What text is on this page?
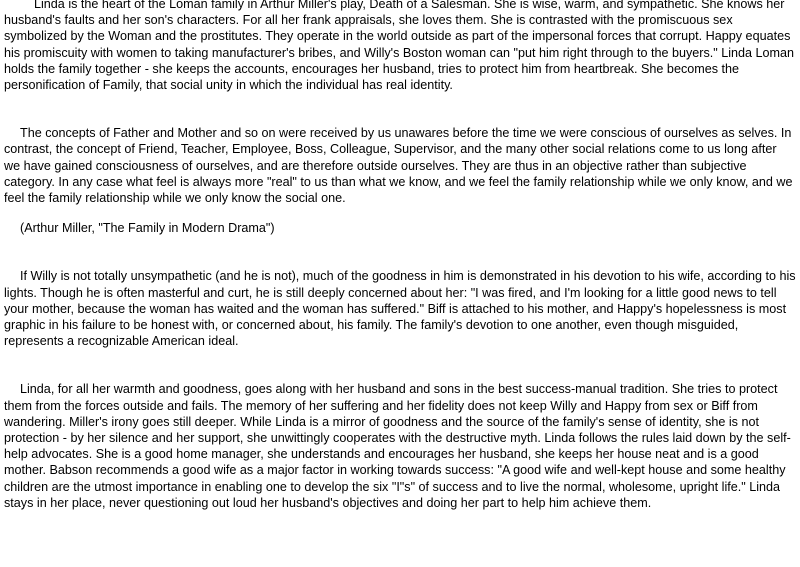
Linda is the heart of the Loman family in Arthur Miller's play, Death of a Salesman. She is wise, warm, and sympathetic. She knows her husband's faults and her son's characters. For all her frank appraisals, she loves them. She is contrasted with the promiscuous sex symbolized by the Woman and the prostitutes. They operate in the world outside as part of the impersonal forces that corrupt. Happy equates his promiscuity with women to taking manufacturer's bribes, and Willy's Boston woman can "put him right through to the buyers." Linda Loman holds the family together - she keeps the accounts, encourages her husband, tries to protect him from heartbreak. She becomes the personification of Family, that social unity in which the individual has real identity.

The concepts of Father and Mother and so on were received by us unawares before the time we were conscious of ourselves as selves. In contrast, the concept of Friend, Teacher, Employee, Boss, Colleague, Supervisor, and the many other social relations come to us long after we have gained consciousness of ourselves, and are therefore outside ourselves. They are thus in an objective rather than subjective category. In any case what feel is always more "real" to us than what we know, and we feel the family relationship while we only know, and we feel the family relationship while we only know the social one.

(Arthur Miller, "The Family in Modern Drama")

If Willy is not totally unsympathetic (and he is not), much of the goodness in him is demonstrated in his devotion to his wife, according to his lights. Though he is often masterful and curt, he is still deeply concerned about her: "I was fired, and I'm looking for a little good news to tell your mother, because the woman has waited and the woman has suffered." Biff is attached to his mother, and Happy's hopelessness is most graphic in his failure to be honest with, or concerned about, his family. The family's devotion to one another, even though misguided, represents a recognizable American ideal.

Linda, for all her warmth and goodness, goes along with her husband and sons in the best success-manual tradition. She tries to protect them from the forces outside and fails. The memory of her suffering and her fidelity does not keep Willy and Happy from sex or Biff from wandering. Miller's irony goes still deeper. While Linda is a mirror of goodness and the source of the family's sense of identity, she is not protection - by her silence and her support, she unwittingly cooperates with the destructive myth. Linda follows the rules laid down by the self-help advocates. She is a good home manager, she understands and encourages her husband, she keeps her house neat and is a good mother. Babson recommends a good wife as a major factor in working towards success: "A good wife and well-kept house and some healthy children are the utmost importance in enabling one to develop the six "I"s" of success and to live the normal, wholesome, upright life." Linda stays in her place, never questioning out loud her husband's objectives and doing her part to help him achieve them.
